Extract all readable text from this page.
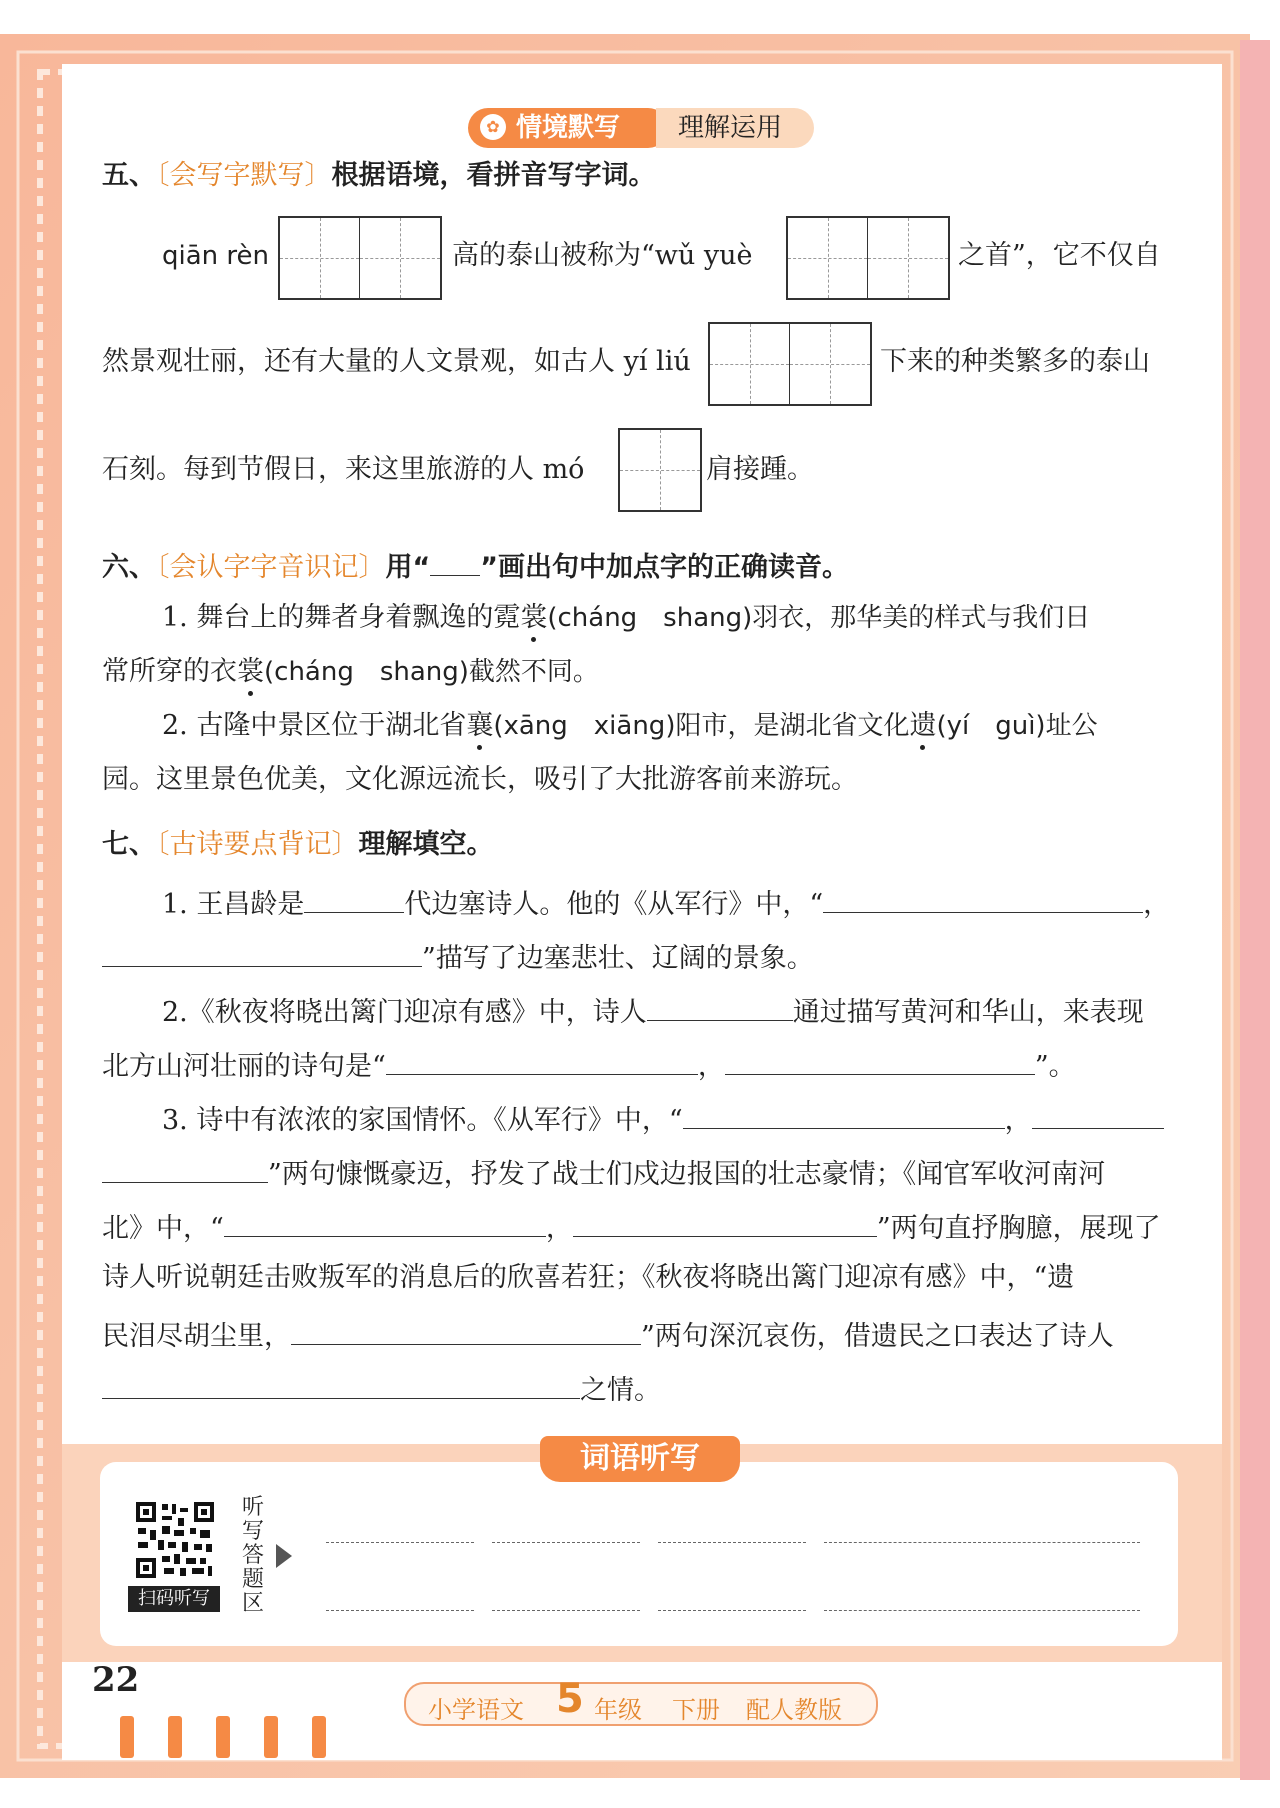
✿ 情境默写 理解运用
五、〔会写字默写〕根据语境，看拼音写字词。
qiān rèn	高的泰山被称为“wǔ yuè	之首”，它不仅自
然景观壮丽，还有大量的人文景观，如古人 yí liú	下来的种类繁多的泰山
石刻。每到节假日，来这里旅游的人 mó	肩接踵。
六、〔会认字字音识记〕用“ ”画出句中加点字的正确读音。
1. 舞台上的舞者身着飘逸的霓裳(cháng　shang)羽衣，那华美的样式与我们日
常所穿的衣裳(cháng　shang)截然不同。
2. 古隆中景区位于湖北省襄(xāng　xiāng)阳市，是湖北省文化遗(yí　guì)址公
园。这里景色优美，文化源远流长，吸引了大批游客前来游玩。
七、〔古诗要点背记〕理解填空。
1. 王昌龄是	代边塞诗人。他的《从军行》中，“	，
”描写了边塞悲壮、辽阔的景象。
2.《秋夜将晓出篱门迎凉有感》中，诗人	通过描写黄河和华山，来表现
北方山河壮丽的诗句是“	，	”。
3. 诗中有浓浓的家国情怀。《从军行》中，“	，
”两句慷慨豪迈，抒发了战士们戍边报国的壮志豪情；《闻官军收河南河
北》中，“	，	”两句直抒胸臆，展现了
诗人听说朝廷击败叛军的消息后的欣喜若狂；《秋夜将晓出篱门迎凉有感》中，“遗
民泪尽胡尘里，	”两句深沉哀伤，借遗民之口表达了诗人
之情。
词语听写
扫码听写
听写答题区
22
小学语文 5 年级 下册 配人教版
